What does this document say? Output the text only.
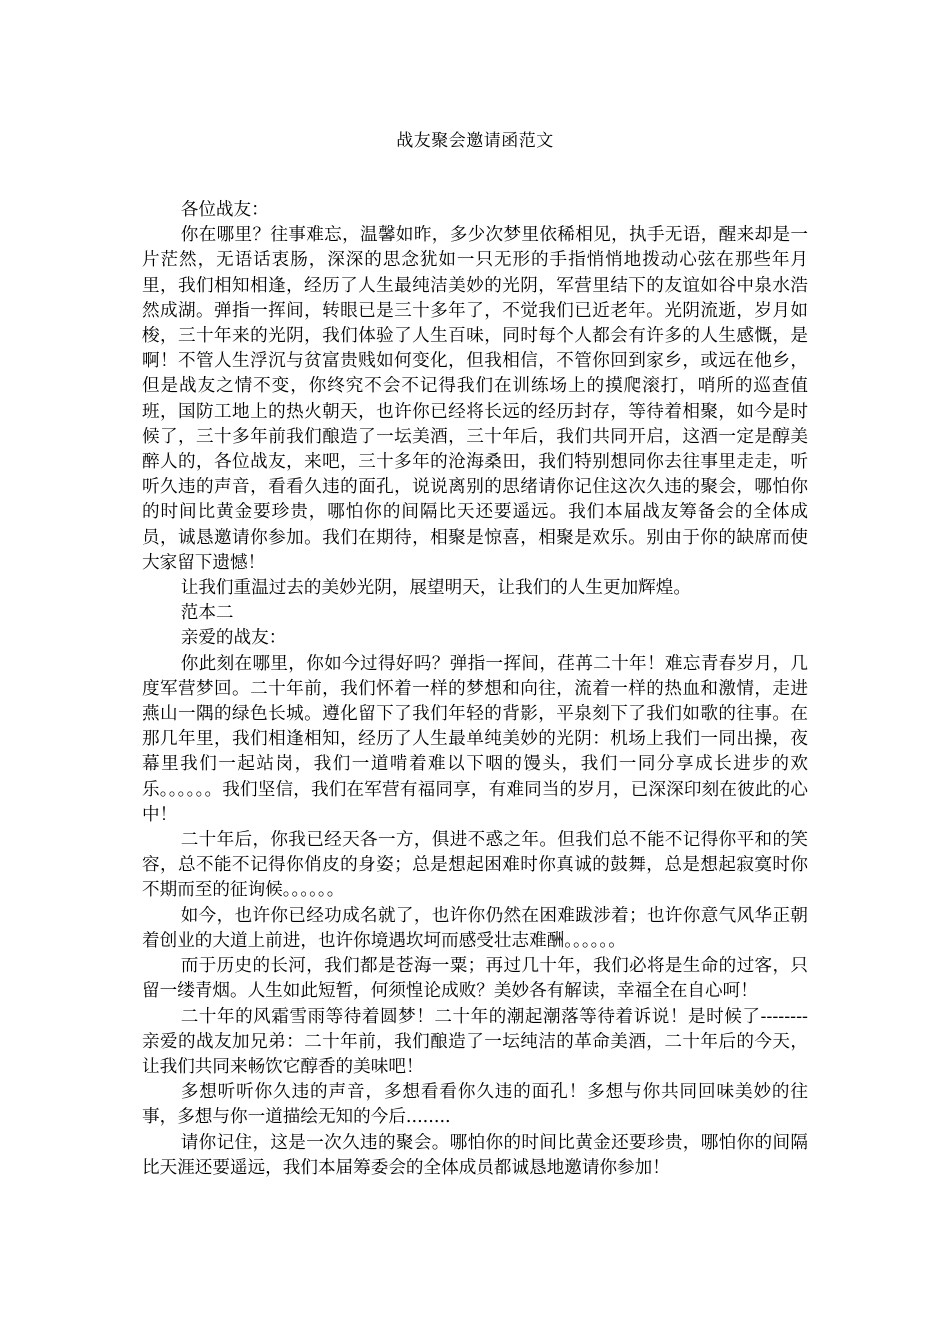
战友聚会邀请函范文

各位战友：

你在哪里？往事难忘，温馨如昨，多少次梦里依稀相见，执手无语，醒来却是一片茫然，无语话衷肠，深深的思念犹如一只无形的手指悄悄地拨动心弦在那些年月里，我们相知相逢，经历了人生最纯洁美妙的光阴，军营里结下的友谊如谷中泉水浩然成湖。弹指一挥间，转眼已是三十多年了，不觉我们已近老年。光阴流逝，岁月如梭，三十年来的光阴，我们体验了人生百味，同时每个人都会有许多的人生感慨，是啊！不管人生浮沉与贫富贵贱如何变化，但我相信，不管你回到家乡，或远在他乡，但是战友之情不变，你终究不会不记得我们在训练场上的摸爬滚打，哨所的巡查值班，国防工地上的热火朝天，也许你已经将长远的经历封存，等待着相聚，如今是时候了，三十多年前我们酿造了一坛美酒，三十年后，我们共同开启，这酒一定是醇美醉人的，各位战友，来吧，三十多年的沧海桑田，我们特别想同你去往事里走走，听听久违的声音，看看久违的面孔，说说离别的思绪请你记住这次久违的聚会，哪怕你的时间比黄金要珍贵，哪怕你的间隔比天还要遥远。我们本届战友筹备会的全体成员，诚恳邀请你参加。我们在期待，相聚是惊喜，相聚是欢乐。别由于你的缺席而使大家留下遗憾！

让我们重温过去的美妙光阴，展望明天，让我们的人生更加辉煌。

范本二

亲爱的战友：

你此刻在哪里，你如今过得好吗？弹指一挥间，荏苒二十年！难忘青春岁月，几度军营梦回。二十年前，我们怀着一样的梦想和向往，流着一样的热血和激情，走进燕山一隅的绿色长城。遵化留下了我们年轻的背影，平泉刻下了我们如歌的往事。在那几年里，我们相逢相知，经历了人生最单纯美妙的光阴：机场上我们一同出操，夜幕里我们一起站岗，我们一道啃着难以下咽的馒头，我们一同分享成长进步的欢乐。。。。。。我们坚信，我们在军营有福同享，有难同当的岁月，已深深印刻在彼此的心中！

二十年后，你我已经天各一方，俱进不惑之年。但我们总不能不记得你平和的笑容，总不能不记得你俏皮的身姿；总是想起困难时你真诚的鼓舞，总是想起寂寞时你不期而至的征询候。。。。。。

如今，也许你已经功成名就了，也许你仍然在困难跋涉着；也许你意气风华正朝着创业的大道上前进，也许你境遇坎坷而感受壮志难酬。。。。。。

而于历史的长河，我们都是苍海一粟；再过几十年，我们必将是生命的过客，只留一缕青烟。人生如此短暂，何须惶论成败？美妙各有解读，幸福全在自心呵！

二十年的风霜雪雨等待着圆梦！二十年的潮起潮落等待着诉说！是时候了--------亲爱的战友加兄弟：二十年前，我们酿造了一坛纯洁的革命美酒，二十年后的今天，让我们共同来畅饮它醇香的美味吧！

多想听听你久违的声音，多想看看你久违的面孔！多想与你共同回味美妙的往事，多想与你一道描绘无知的今后........

请你记住，这是一次久违的聚会。哪怕你的时间比黄金还要珍贵，哪怕你的间隔比天涯还要遥远，我们本届筹委会的全体成员都诚恳地邀请你参加！
